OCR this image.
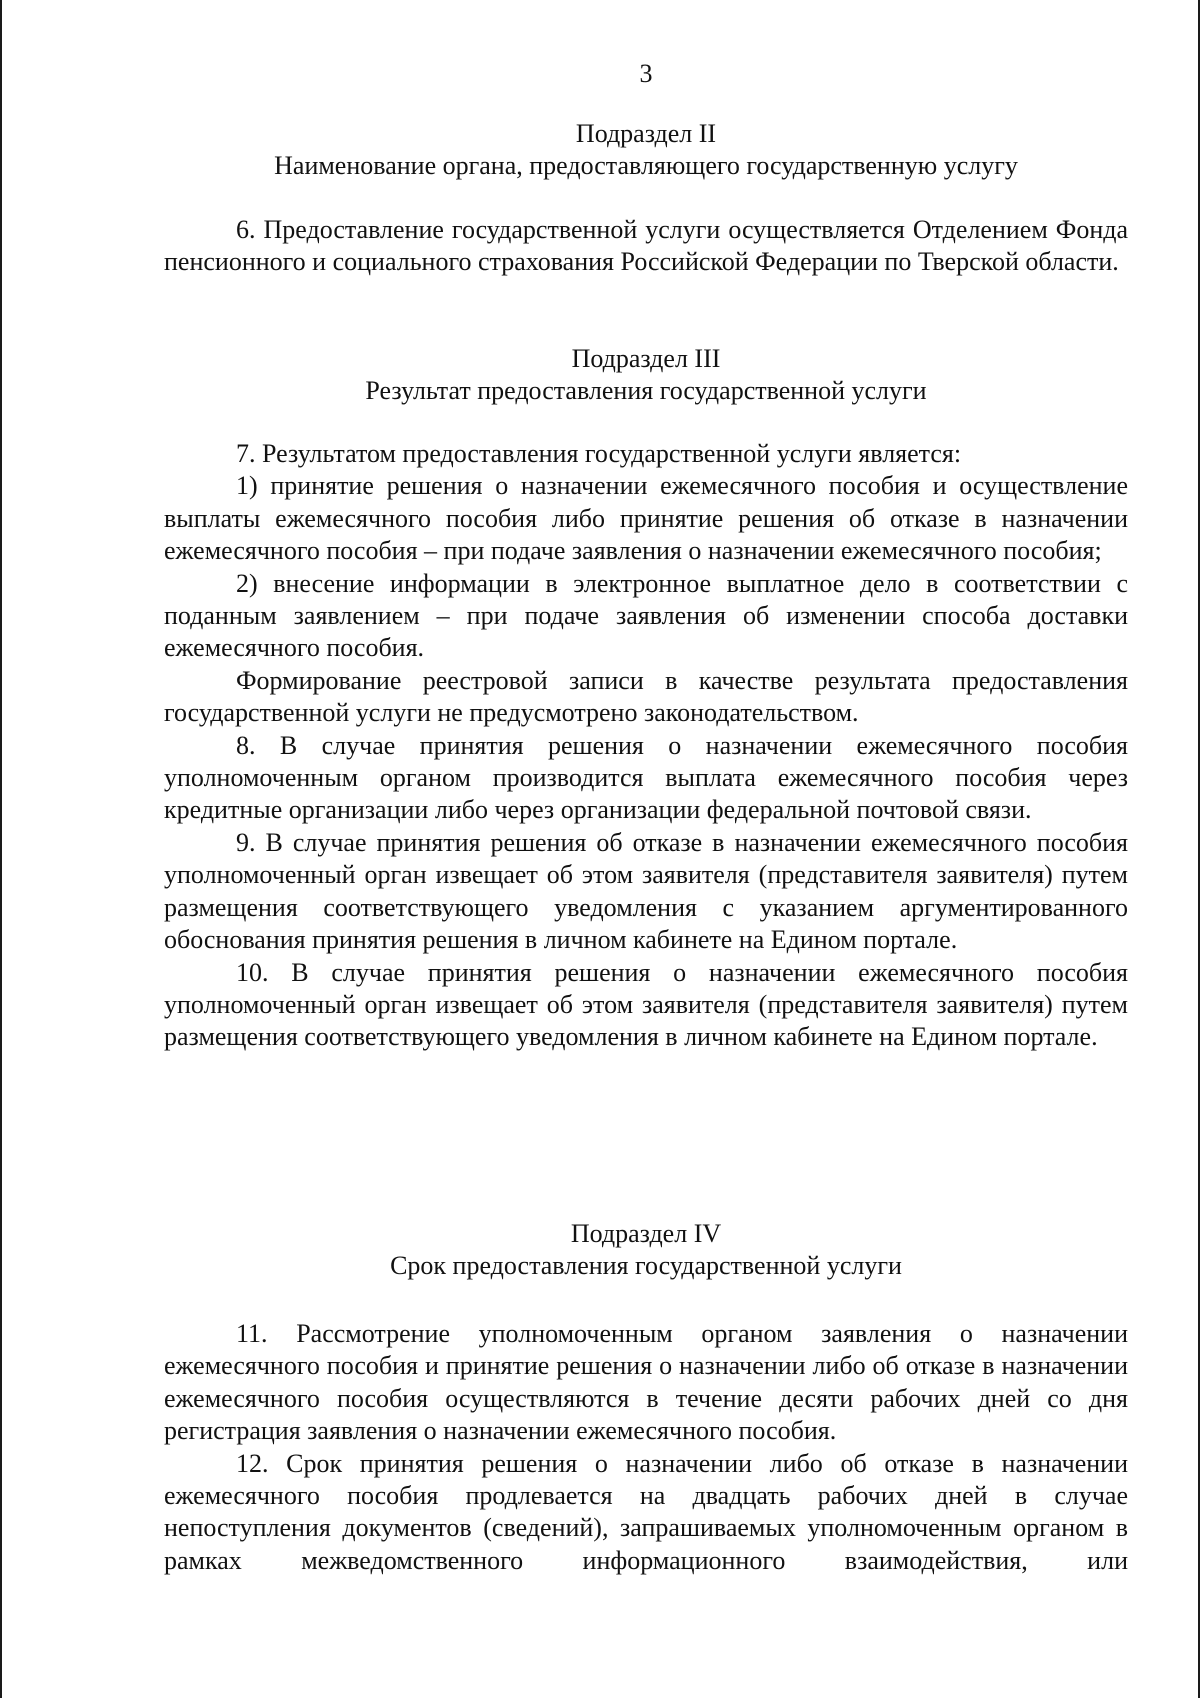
3
Подраздел II
Наименование органа, предоставляющего государственную услугу

6. Предоставление государственной услуги осуществляется Отделением Фонда пенсионного и социального страхования Российской Федерации по Тверской области.

Подраздел III
Результат предоставления государственной услуги

7. Результатом предоставления государственной услуги является:

1) принятие решения о назначении ежемесячного пособия и осуществление выплаты ежемесячного пособия либо принятие решения об отказе в назначении ежемесячного пособия – при подаче заявления о назначении ежемесячного пособия;

2) внесение информации в электронное выплатное дело в соответствии с поданным заявлением – при подаче заявления об изменении способа доставки ежемесячного пособия.

Формирование реестровой записи в качестве результата предоставления государственной услуги не предусмотрено законодательством.

8. В случае принятия решения о назначении ежемесячного пособия уполномоченным органом производится выплата ежемесячного пособия через кредитные организации либо через организации федеральной почтовой связи.

9. В случае принятия решения об отказе в назначении ежемесячного пособия уполномоченный орган извещает об этом заявителя (представителя заявителя) путем размещения соответствующего уведомления с указанием аргументированного обоснования принятия решения в личном кабинете на Едином портале.

10. В случае принятия решения о назначении ежемесячного пособия уполномоченный орган извещает об этом заявителя (представителя заявителя) путем размещения соответствующего уведомления в личном кабинете на Едином портале.

Подраздел IV
Срок предоставления государственной услуги

11. Рассмотрение уполномоченным органом заявления о назначении ежемесячного пособия и принятие решения о назначении либо об отказе в назначении ежемесячного пособия осуществляются в течение десяти рабочих дней со дня регистрация заявления о назначении ежемесячного пособия.

12. Срок принятия решения о назначении либо об отказе в назначении ежемесячного пособия продлевается на двадцать рабочих дней в случае непоступления документов (сведений), запрашиваемых уполномоченным органом в рамках межведомственного информационного взаимодействия, или
